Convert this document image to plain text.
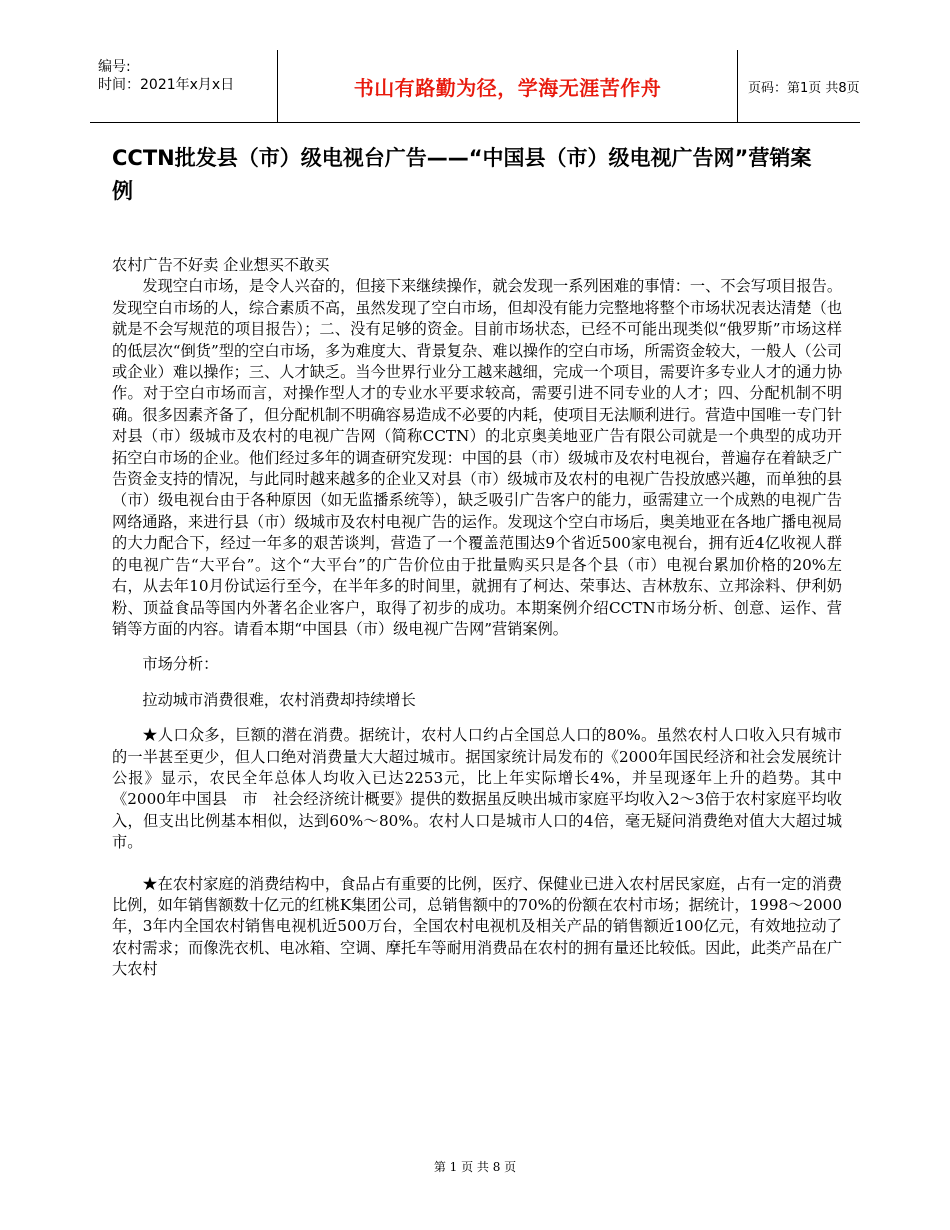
编号:
时间：2021年x月x日	书山有路勤为径，学海无涯苦作舟	页码：第1页 共8页
CCTN批发县（市）级电视台广告——“中国县（市）级电视广告网”营销案例

农村广告不好卖 企业想买不敢买

发现空白市场，是令人兴奋的，但接下来继续操作，就会发现一系列困难的事情：一、不会写项目报告。发现空白市场的人，综合素质不高，虽然发现了空白市场，但却没有能力完整地将整个市场状况表达清楚（也就是不会写规范的项目报告）；二、没有足够的资金。目前市场状态，已经不可能出现类似“俄罗斯”市场这样的低层次“倒货”型的空白市场，多为难度大、背景复杂、难以操作的空白市场，所需资金较大，一般人（公司或企业）难以操作；三、人才缺乏。当今世界行业分工越来越细，完成一个项目，需要许多专业人才的通力协作。对于空白市场而言，对操作型人才的专业水平要求较高，需要引进不同专业的人才；四、分配机制不明确。很多因素齐备了，但分配机制不明确容易造成不必要的内耗，使项目无法顺利进行。营造中国唯一专门针对县（市）级城市及农村的电视广告网（简称CCTN）的北京奥美地亚广告有限公司就是一个典型的成功开拓空白市场的企业。他们经过多年的调查研究发现：中国的县（市）级城市及农村电视台，普遍存在着缺乏广告资金支持的情况，与此同时越来越多的企业又对县（市）级城市及农村的电视广告投放感兴趣，而单独的县（市）级电视台由于各种原因（如无监播系统等），缺乏吸引广告客户的能力，亟需建立一个成熟的电视广告网络通路，来进行县（市）级城市及农村电视广告的运作。发现这个空白市场后，奥美地亚在各地广播电视局的大力配合下，经过一年多的艰苦谈判，营造了一个覆盖范围达9个省近500家电视台，拥有近4亿收视人群的电视广告“大平台”。这个“大平台”的广告价位由于批量购买只是各个县（市）电视台累加价格的20%左右，从去年10月份试运行至今，在半年多的时间里，就拥有了柯达、荣事达、吉林敖东、立邦涂料、伊利奶粉、顶益食品等国内外著名企业客户，取得了初步的成功。本期案例介绍CCTN市场分析、创意、运作、营销等方面的内容。请看本期“中国县（市）级电视广告网”营销案例。

市场分析：

拉动城市消费很难，农村消费却持续增长

★人口众多，巨额的潜在消费。据统计，农村人口约占全国总人口的80%。虽然农村人口收入只有城市的一半甚至更少，但人口绝对消费量大大超过城市。据国家统计局发布的《2000年国民经济和社会发展统计公报》显示，农民全年总体人均收入已达2253元，比上年实际增长4%，并呈现逐年上升的趋势。其中《2000年中国县　市　社会经济统计概要》提供的数据虽反映出城市家庭平均收入2～3倍于农村家庭平均收入，但支出比例基本相似，达到60%～80%。农村人口是城市人口的4倍，毫无疑问消费绝对值大大超过城市。

★在农村家庭的消费结构中，食品占有重要的比例，医疗、保健业已进入农村居民家庭，占有一定的消费比例，如年销售额数十亿元的红桃K集团公司，总销售额中的70%的份额在农村市场；据统计，1998～2000年，3年内全国农村销售电视机近500万台，全国农村电视机及相关产品的销售额近100亿元，有效地拉动了农村需求；而像洗衣机、电冰箱、空调、摩托车等耐用消费品在农村的拥有量还比较低。因此，此类产品在广大农村

第 1 页 共 8 页
